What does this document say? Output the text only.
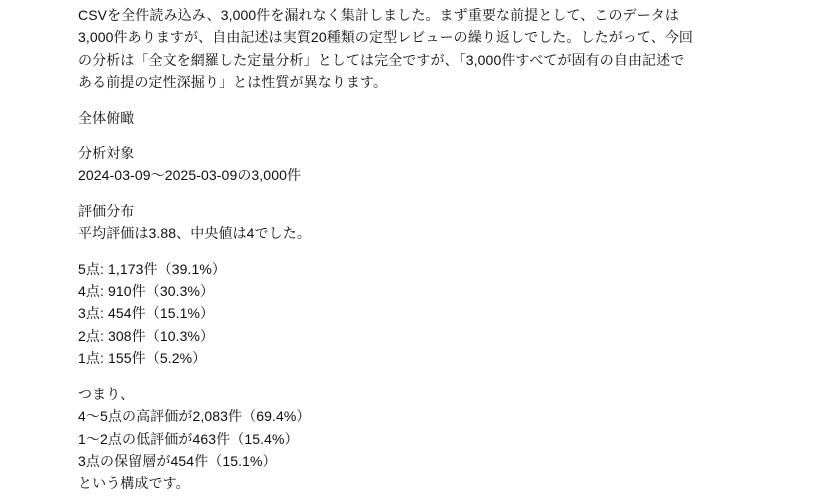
CSVを全件読み込み、3,000件を漏れなく集計しました。まず重要な前提として、このデータは3,000件ありますが、自由記述は実質20種類の定型レビューの繰り返しでした。したがって、今回の分析は「全文を網羅した定量分析」としては完全ですが、「3,000件すべてが固有の自由記述である前提の定性深掘り」とは性質が異なります。

全体俯瞰

分析対象
2024-03-09〜2025-03-09の3,000件

評価分布
平均評価は3.88、中央値は4でした。

5点: 1,173件（39.1%）
4点: 910件（30.3%）
3点: 454件（15.1%）
2点: 308件（10.3%）
1点: 155件（5.2%）

つまり、
4〜5点の高評価が2,083件（69.4%）
1〜2点の低評価が463件（15.4%）
3点の保留層が454件（15.1%）
という構成です。
